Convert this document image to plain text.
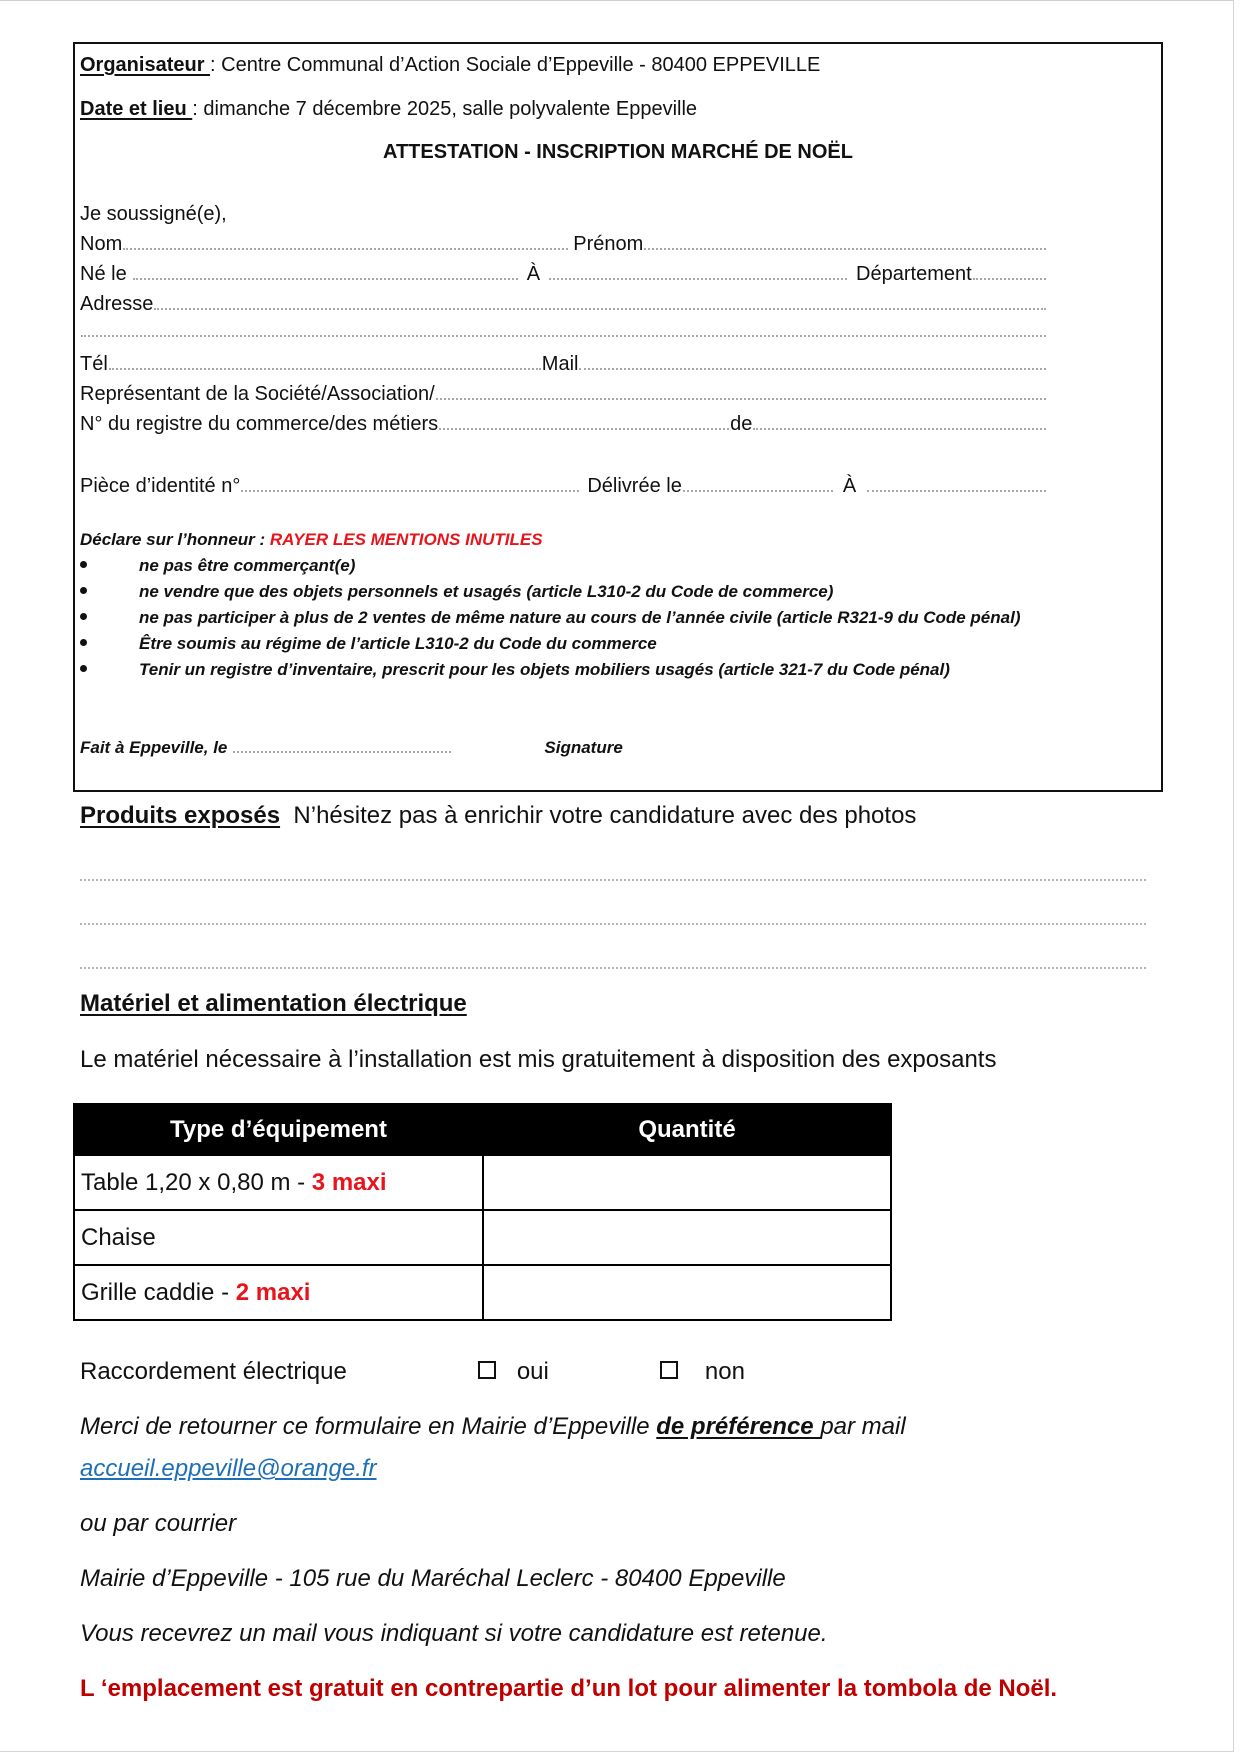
Organisateur : Centre Communal d’Action Sociale d’Eppeville - 80400 EPPEVILLE
Date et lieu : dimanche 7 décembre 2025, salle polyvalente Eppeville
ATTESTATION - INSCRIPTION MARCHÉ DE NOËL
Je soussigné(e),
Nom	Prénom
Né le	À	Département
Adresse
Tél	Mail
Représentant de la Société/Association/
N° du registre du commerce/des métiers	de
Pièce d’identité n°	Délivrée le	À
Déclare sur l’honneur : RAYER LES MENTIONS INUTILES
ne pas être commerçant(e)
ne vendre que des objets personnels et usagés (article L310-2 du Code de commerce)
ne pas participer à plus de 2 ventes de même nature au cours de l’année civile (article R321-9 du Code pénal)
Être soumis au régime de l’article L310-2 du Code du commerce
Tenir un registre d’inventaire, prescrit pour les objets mobiliers usagés (article 321-7 du Code pénal)
Fait à Eppeville, le	Signature
Produits exposés N’hésitez pas à enrichir votre candidature avec des photos
Matériel et alimentation électrique
Le matériel nécessaire à l’installation est mis gratuitement à disposition des exposants
Type d’équipement	Quantité
Table 1,20 x 0,80 m - 3 maxi	
Chaise	
Grille caddie - 2 maxi	
Raccordement électrique	oui	non
Merci de retourner ce formulaire en Mairie d’Eppeville de préférence par mail
accueil.eppeville@orange.fr
ou par courrier
Mairie d’Eppeville - 105 rue du Maréchal Leclerc - 80400 Eppeville
Vous recevrez un mail vous indiquant si votre candidature est retenue.
L ‘emplacement est gratuit en contrepartie d’un lot pour alimenter la tombola de Noël.
